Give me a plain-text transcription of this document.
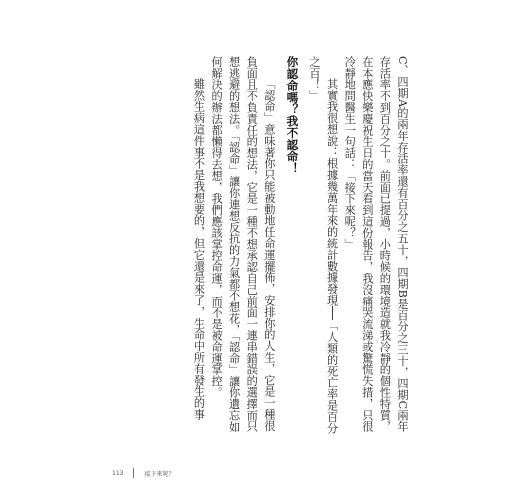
C、四期A的兩年存活率還有百分之五十，四期B是百分之三十，四期C兩年存活率不到百分之十。前面已提過，小時候的環境造就我冷靜的個性特質，在本應快樂慶祝生日的當天看到這份報告，我沒痛哭流涕或驚慌失措，只很冷靜地問醫生一句話：「接下來呢？」

其實我很想說：根據幾萬年來的統計數據發現──「人類的死亡率是百分之百！」

你認命嗎？我不認命！

「認命」意味著你只能被動地任命運擺佈，安排你的人生，它是一種很負面且不負責任的想法，它是一種不想承認自己前面一連串錯誤的選擇而只想逃避的想法。「認命」讓你連想反抗的力氣都不想花，「認命」讓你遺忘如何解決的辦法都懶得去想，我們應該掌控命運，而不是被命運掌控。

雖然生病這件事不是我想要的，但它還是來了，生命中所有發生的事

113	接下來呢？
